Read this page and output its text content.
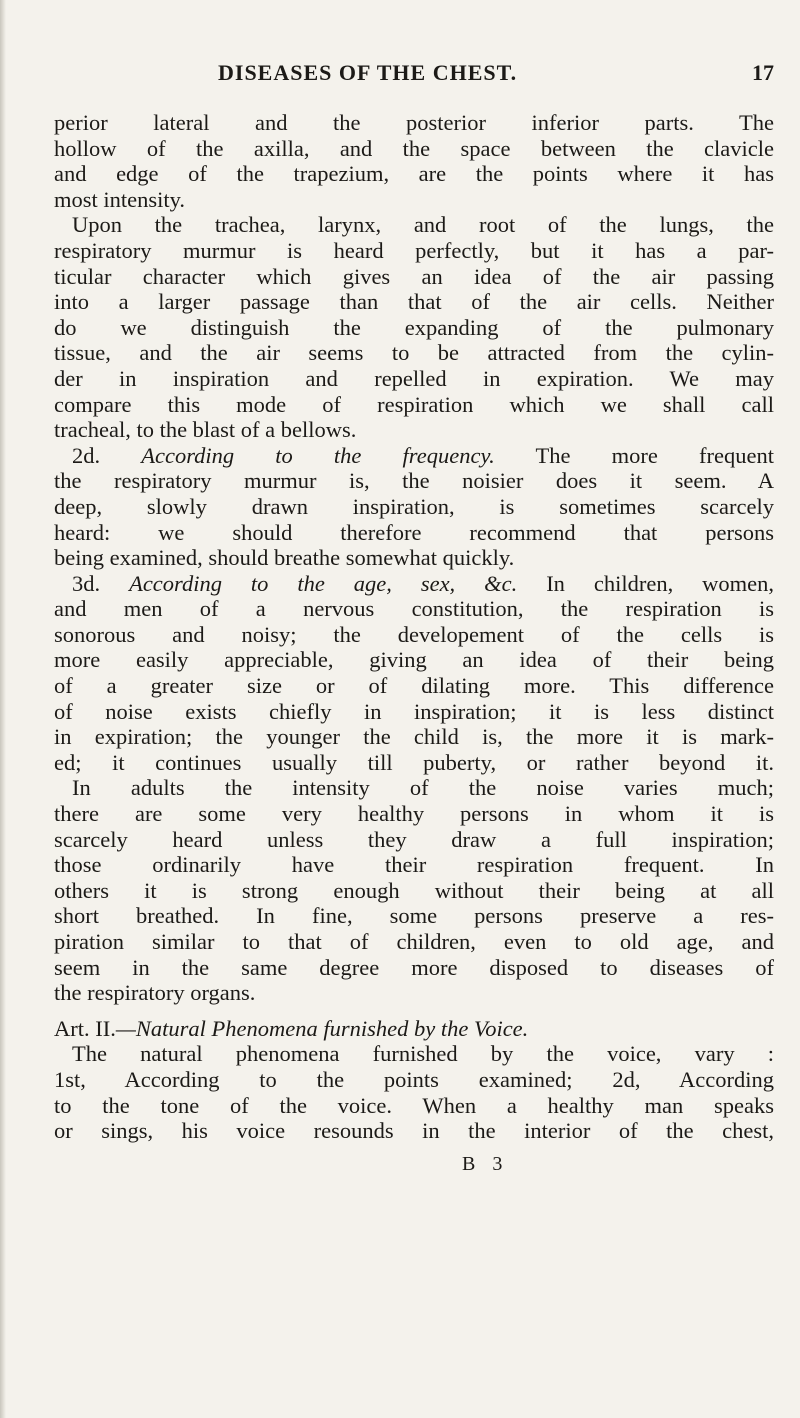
DISEASES OF THE CHEST.	17
perior lateral and the posterior inferior parts. The
hollow of the axilla, and the space between the clavicle
and edge of the trapezium, are the points where it has
most intensity.
Upon the trachea, larynx, and root of the lungs, the
respiratory murmur is heard perfectly, but it has a par-
ticular character which gives an idea of the air passing
into a larger passage than that of the air cells. Neither
do we distinguish the expanding of the pulmonary
tissue, and the air seems to be attracted from the cylin-
der in inspiration and repelled in expiration. We may
compare this mode of respiration which we shall call
tracheal, to the blast of a bellows.
2d. According to the frequency. The more frequent
the respiratory murmur is, the noisier does it seem. A
deep, slowly drawn inspiration, is sometimes scarcely
heard: we should therefore recommend that persons
being examined, should breathe somewhat quickly.
3d. According to the age, sex, &c. In children, women,
and men of a nervous constitution, the respiration is
sonorous and noisy; the developement of the cells is
more easily appreciable, giving an idea of their being
of a greater size or of dilating more. This difference
of noise exists chiefly in inspiration; it is less distinct
in expiration; the younger the child is, the more it is mark-
ed; it continues usually till puberty, or rather beyond it.
In adults the intensity of the noise varies much;
there are some very healthy persons in whom it is
scarcely heard unless they draw a full inspiration;
those ordinarily have their respiration frequent. In
others it is strong enough without their being at all
short breathed. In fine, some persons preserve a res-
piration similar to that of children, even to old age, and
seem in the same degree more disposed to diseases of
the respiratory organs.
Art. II.—Natural Phenomena furnished by the Voice.
The natural phenomena furnished by the voice, vary :
1st, According to the points examined; 2d, According
to the tone of the voice. When a healthy man speaks
or sings, his voice resounds in the interior of the chest,
B 3
